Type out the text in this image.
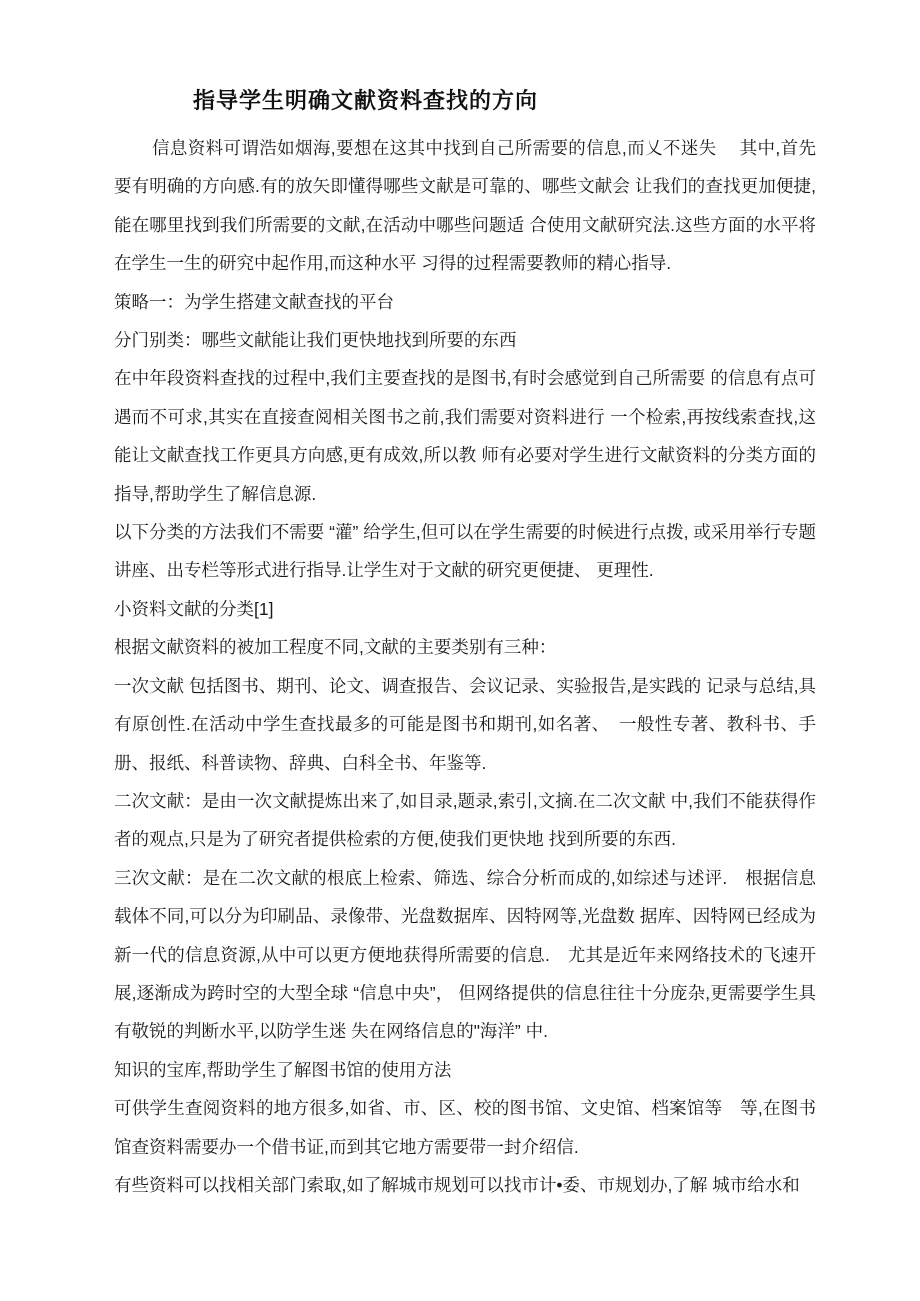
指导学生明确文献资料查找的方向

信息资料可谓浩如烟海,要想在这其中找到自己所需要的信息,而乂不迷失　 其中,首先要有明确的方向感.有的放矢即懂得哪些文献是可靠的、哪些文献会 让我们的查找更加便捷,能在哪里找到我们所需要的文献,在活动中哪些问题适 合使用文献研究法.这些方面的水平将在学生一生的研究中起作用,而这种水平 习得的过程需要教师的精心指导.

策略一：为学生搭建文献查找的平台

分门别类：哪些文献能让我们更快地找到所要的东西

在中年段资料查找的过程中,我们主要查找的是图书,有时会感觉到自己所需要 的信息有点可遇而不可求,其实在直接查阅相关图书之前,我们需要对资料进行 一个检索,再按线索查找,这能让文献查找工作更具方向感,更有成效,所以教 师有必要对学生进行文献资料的分类方面的指导,帮助学生了解信息源.

以下分类的方法我们不需要 “灌” 给学生,但可以在学生需要的时候进行点拨, 或采用举行专题讲座、出专栏等形式进行指导.让学生对于文献的研究更便捷、 更理性.

小资料文献的分类[1]

根据文献资料的被加工程度不同,文献的主要类别有三种：

一次文献 包括图书、期刊、论文、调查报告、会议记录、实验报告,是实践的 记录与总结,具有原创性.在活动中学生查找最多的可能是图书和期刊,如名著、　一般性专著、教科书、手册、报纸、科普读物、辞典、白科全书、年鉴等.

二次文献：是由一次文献提炼出来了,如目录,题录,索引,文摘.在二次文献 中,我们不能获得作者的观点,只是为了研究者提供检索的方便,使我们更快地 找到所要的东西.

三次文献：是在二次文献的根底上检索、筛选、综合分析而成的,如综述与述评.　根据信息载体不同,可以分为印刷品、录像带、光盘数据库、因特网等,光盘数 据库、因特网已经成为新一代的信息资源,从中可以更方便地获得所需要的信息.　尤其是近年来网络技术的飞速开展,逐渐成为跨时空的大型全球 “信息中央”， 但网络提供的信息往往十分庞杂,更需要学生具有敬锐的判断水平,以防学生迷 失在网络信息的"海洋” 中.

知识的宝库,帮助学生了解图书馆的使用方法

可供学生查阅资料的地方很多,如省、市、区、校的图书馆、文史馆、档案馆等　等,在图书馆查资料需要办一个借书证,而到其它地方需要带一封介绍信.

有些资料可以找相关部门索取,如了解城市规划可以找市计•委、市规划办,了解 城市给水和
